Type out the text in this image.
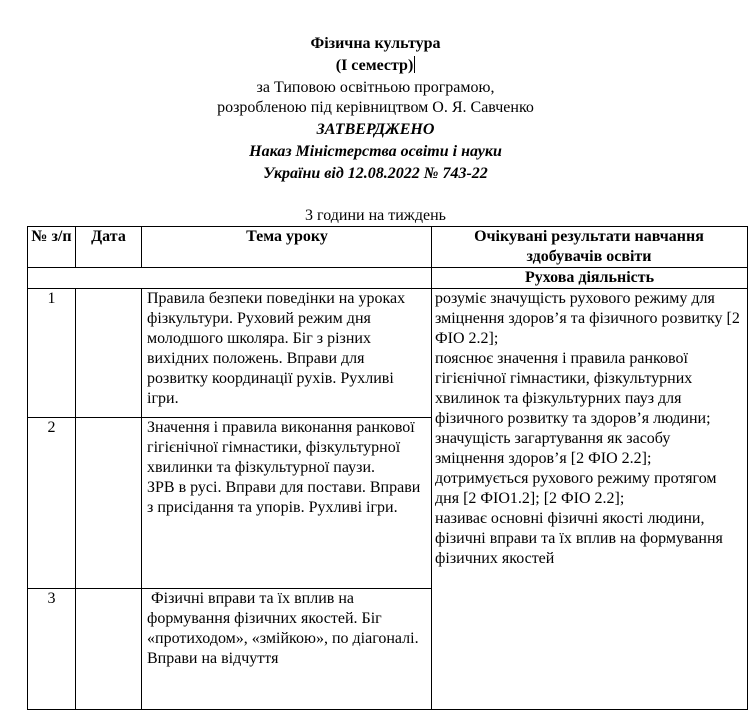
Фізична культура
(І семестр)
за Типовою освітньою програмою,
розробленою під керівництвом О. Я. Савченко
ЗАТВЕРДЖЕНО
Наказ Міністерства освіти і науки
України від 12.08.2022 № 743-22
3 години на тиждень
№ з/п	Дата	Тема уроку	Очікувані результати навчання здобувачів освіти
			Рухова діяльність
1		Правила безпеки поведінки на уроках фізкультури. Руховий режим дня молодшого школяра. Біг з різних вихідних положень. Вправи для розвитку координації рухів. Рухливі ігри.	розуміє значущість рухового режиму для зміцнення здоров’я та фізичного розвитку [2 ФІО 2.2];
пояснює значення і правила ранкової гігієнічної гімнастики, фізкультурних хвилинок та фізкультурних пауз для фізичного розвитку та здоров’я людини; значущість загартування як засобу зміцнення здоров’я [2 ФІО 2.2]; дотримується рухового режиму протягом дня [2 ФІО1.2]; [2 ФІО 2.2];
називає основні фізичні якості людини, фізичні вправи та їх вплив на формування фізичних якостей
2		Значення і правила виконання ранкової гігієнічної гімнастики, фізкультурної хвилинки та фізкультурної паузи.
ЗРВ в русі. Вправи для постави. Вправи з присідання та упорів. Рухливі ігри.	
3		Фізичні вправи та їх вплив на формування фізичних якостей. Біг «протиходом», «змійкою», по діагоналі. Вправи на відчуття	
